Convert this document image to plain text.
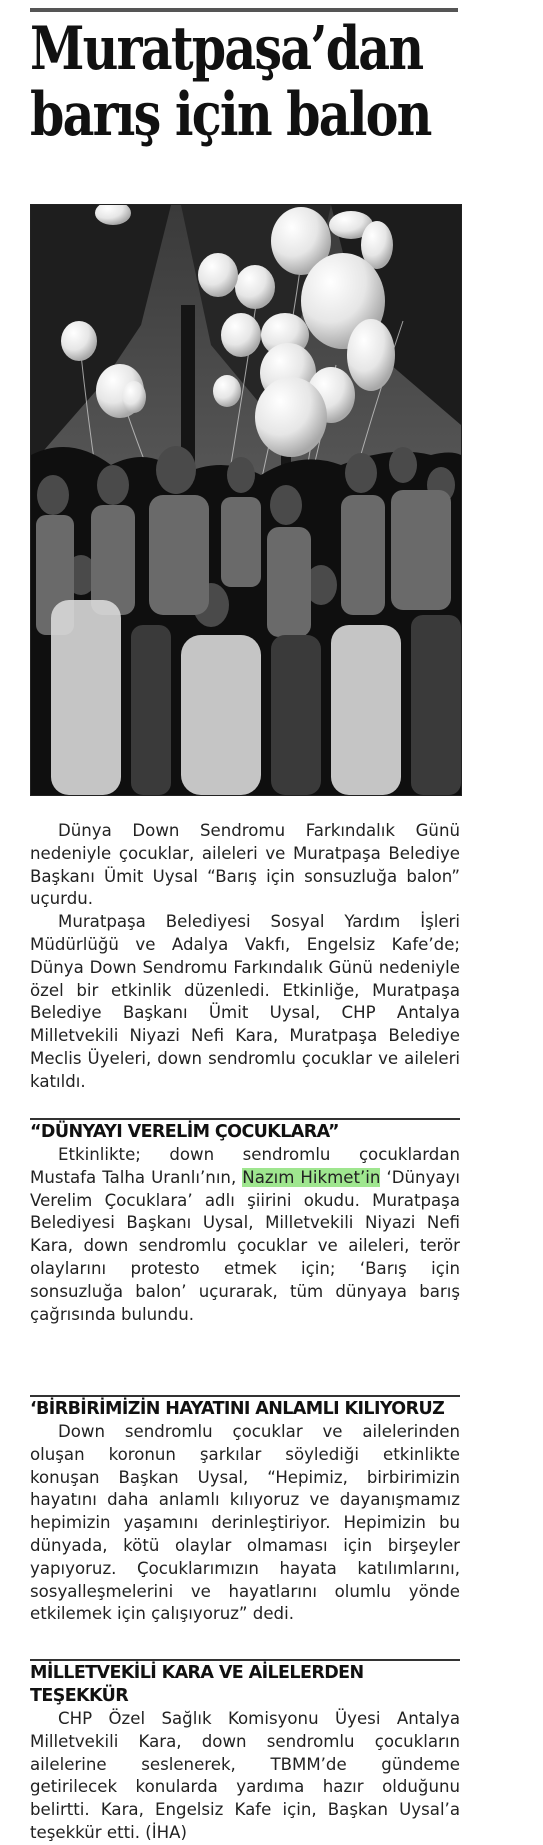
Muratpaşa’dan
barış için balon

Dünya Down Sendromu Farkındalık Günü nedeniyle çocuklar, aileleri ve Muratpaşa Belediye Başkanı Ümit Uysal “Barış için sonsuzluğa balon” uçurdu.

Muratpaşa Belediyesi Sosyal Yardım İşleri Müdürlüğü ve Adalya Vakfı, Engelsiz Kafe’de; Dünya Down Sendromu Farkındalık Günü nedeniyle özel bir etkinlik düzenledi. Etkinliğe, Muratpaşa Belediye Başkanı Ümit Uysal, CHP Antalya Milletvekili Niyazi Nefi Kara, Muratpaşa Belediye Meclis Üyeleri, down sendromlu çocuklar ve aileleri katıldı.

“DÜNYAYI VERELİM ÇOCUKLARA”

Etkinlikte; down sendromlu çocuklardan Mustafa Talha Uranlı’nın, Nazım Hikmet’in ‘Dünyayı Verelim Çocuklara’ adlı şiirini okudu. Muratpaşa Belediyesi Başkanı Uysal, Milletvekili Niyazi Nefi Kara, down sendromlu çocuklar ve aileleri, terör olaylarını protesto etmek için; ‘Barış için sonsuzluğa balon’ uçurarak, tüm dünyaya barış çağrısında bulundu.

‘BİRBİRİMİZİN HAYATINI ANLAMLI KILIYORUZ

Down sendromlu çocuklar ve ailelerinden oluşan koronun şarkılar söylediği etkinlikte konuşan Başkan Uysal, “Hepimiz, birbirimizin hayatını daha anlamlı kılıyoruz ve dayanışmamız hepimizin yaşamını derinleştiriyor. Hepimizin bu dünyada, kötü olaylar olmaması için birşeyler yapıyoruz. Çocuklarımızın hayata katılımlarını, sosyalleşmelerini ve hayatlarını olumlu yönde etkilemek için çalışıyoruz” dedi.

MİLLETVEKİLİ KARA VE AİLELERDEN TEŞEKKÜR

CHP Özel Sağlık Komisyonu Üyesi Antalya Milletvekili Kara, down sendromlu çocukların ailelerine seslenerek, TBMM’de gündeme getirilecek konularda yardıma hazır olduğunu belirtti. Kara, Engelsiz Kafe için, Başkan Uysal’a teşekkür etti. (İHA)
